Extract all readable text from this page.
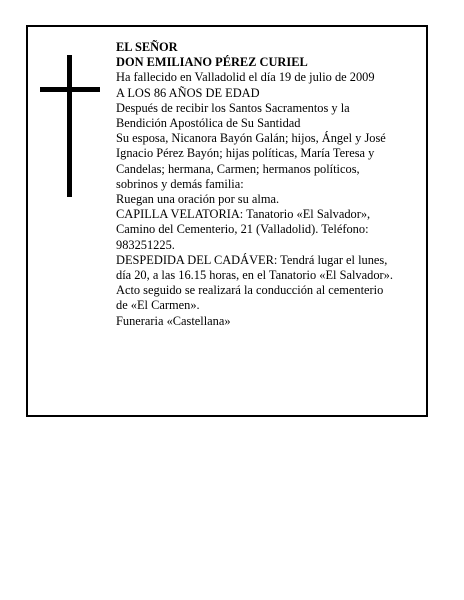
EL SEÑOR
DON EMILIANO PÉREZ CURIEL
Ha fallecido en Valladolid el día 19 de julio de 2009
A LOS 86 AÑOS DE EDAD
Después de recibir los Santos Sacramentos y la
Bendición Apostólica de Su Santidad
Su esposa, Nicanora Bayón Galán; hijos, Ángel y José
Ignacio Pérez Bayón; hijas políticas, María Teresa y
Candelas; hermana, Carmen; hermanos políticos,
sobrinos y demás familia:
Ruegan una oración por su alma.
CAPILLA VELATORIA: Tanatorio «El Salvador»,
Camino del Cementerio, 21 (Valladolid). Teléfono:
983251225.
DESPEDIDA DEL CADÁVER: Tendrá lugar el lunes,
día 20, a las 16.15 horas, en el Tanatorio «El Salvador».
Acto seguido se realizará la conducción al cementerio
de «El Carmen».
Funeraria «Castellana»
